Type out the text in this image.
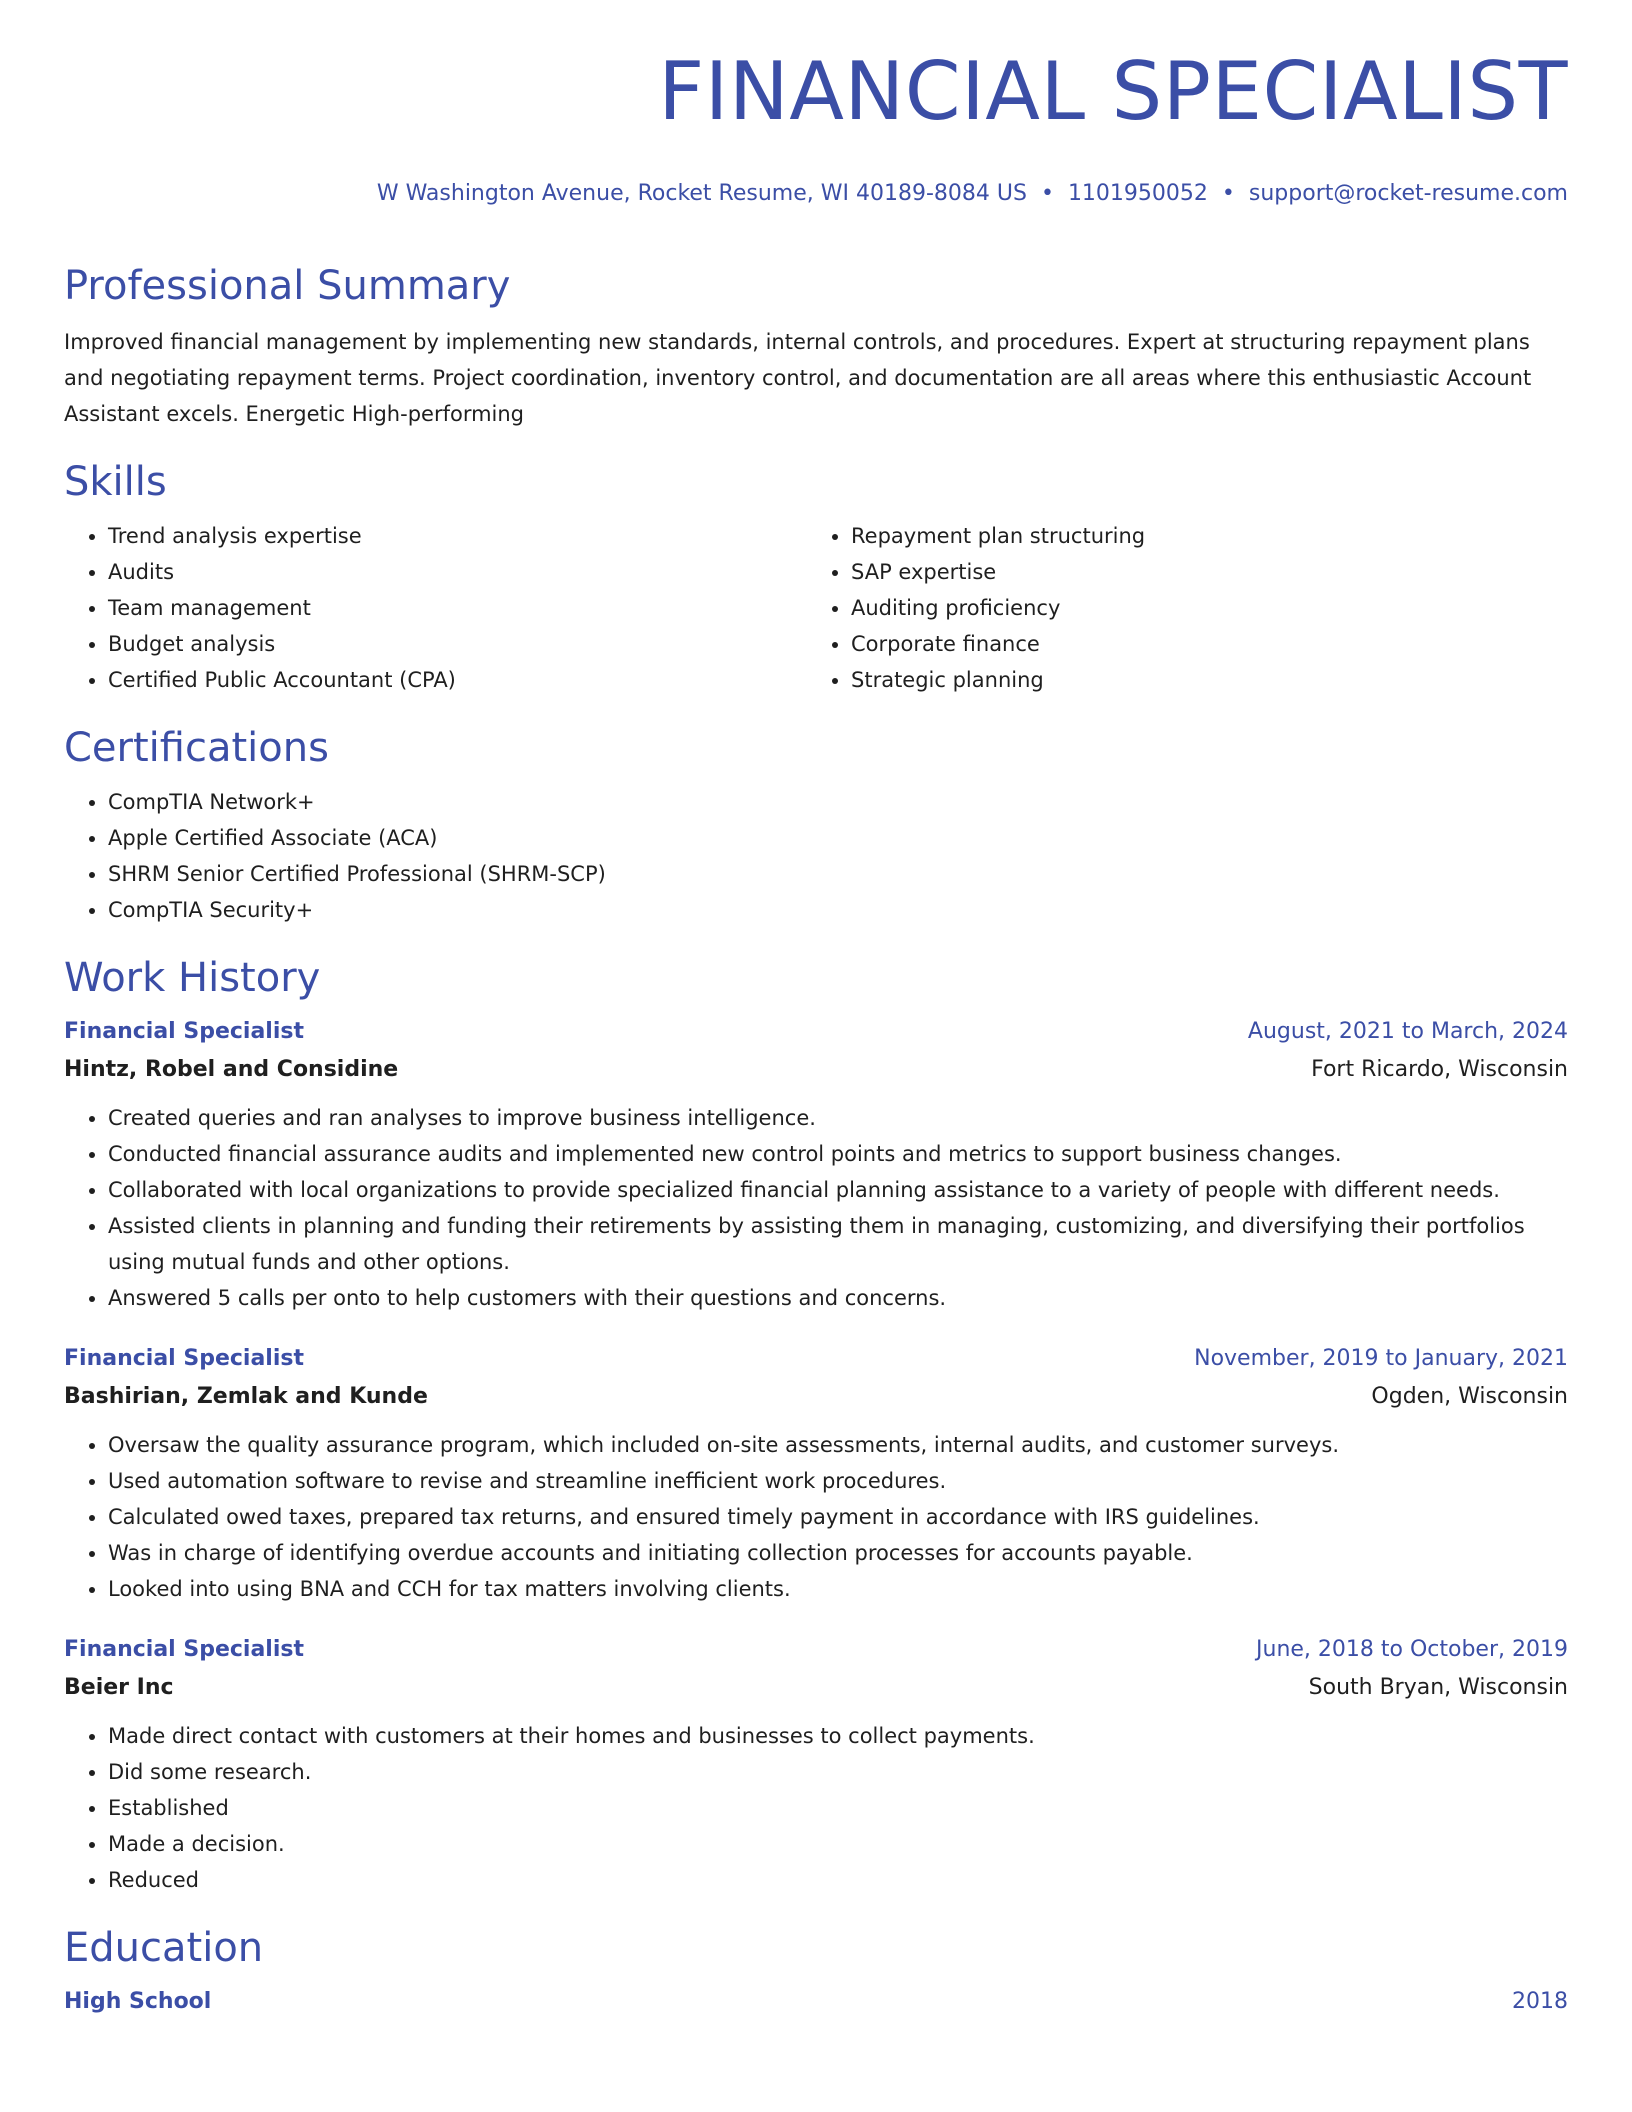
FINANCIAL SPECIALIST
W Washington Avenue, Rocket Resume, WI 40189-8084 US • 1101950052 • support@rocket-resume.com
Professional Summary

Improved financial management by implementing new standards, internal controls, and procedures. Expert at structuring repayment plans and negotiating repayment terms. Project coordination, inventory control, and documentation are all areas where this enthusiastic Account Assistant excels. Energetic High-performing

Skills
• Trend analysis expertise
• Audits
• Team management
• Budget analysis
• Certified Public Accountant (CPA)
• Repayment plan structuring
• SAP expertise
• Auditing proficiency
• Corporate finance
• Strategic planning
Certifications
• CompTIA Network+
• Apple Certified Associate (ACA)
• SHRM Senior Certified Professional (SHRM-SCP)
• CompTIA Security+
Work History
Financial Specialist	August, 2021 to March, 2024
Hintz, Robel and Considine	Fort Ricardo, Wisconsin
• Created queries and ran analyses to improve business intelligence.
• Conducted financial assurance audits and implemented new control points and metrics to support business changes.
• Collaborated with local organizations to provide specialized financial planning assistance to a variety of people with different needs.
• Assisted clients in planning and funding their retirements by assisting them in managing, customizing, and diversifying their portfolios using mutual funds and other options.
• Answered 5 calls per onto to help customers with their questions and concerns.
Financial Specialist	November, 2019 to January, 2021
Bashirian, Zemlak and Kunde	Ogden, Wisconsin
• Oversaw the quality assurance program, which included on-site assessments, internal audits, and customer surveys.
• Used automation software to revise and streamline inefficient work procedures.
• Calculated owed taxes, prepared tax returns, and ensured timely payment in accordance with IRS guidelines.
• Was in charge of identifying overdue accounts and initiating collection processes for accounts payable.
• Looked into using BNA and CCH for tax matters involving clients.
Financial Specialist	June, 2018 to October, 2019
Beier Inc	South Bryan, Wisconsin
• Made direct contact with customers at their homes and businesses to collect payments.
• Did some research.
• Established
• Made a decision.
• Reduced
Education
High School	2018
